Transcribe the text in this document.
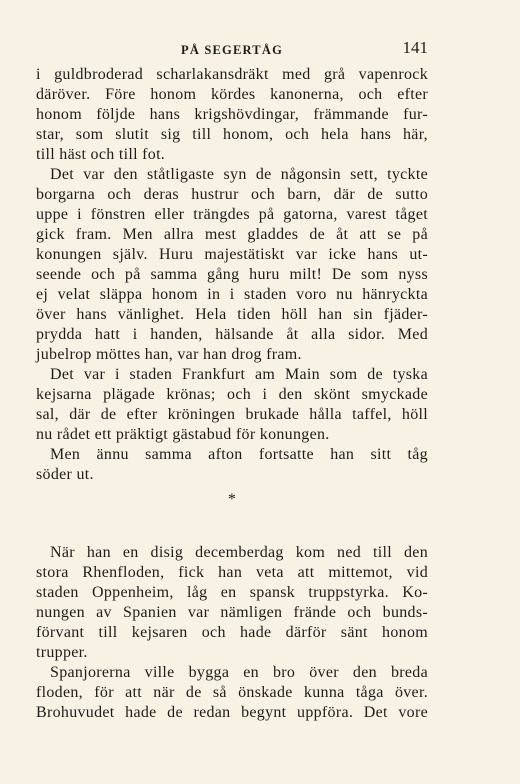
PÅ SEGERTÅG	141
i guldbroderad scharlakansdräkt med grå vapenrock
däröver. Före honom kördes kanonerna, och efter
honom följde hans krigshövdingar, främmande fur-
star, som slutit sig till honom, och hela hans här,
till häst och till fot.
Det var den ståtligaste syn de någonsin sett, tyckte
borgarna och deras hustrur och barn, där de sutto
uppe i fönstren eller trängdes på gatorna, varest tåget
gick fram. Men allra mest gladdes de åt att se på
konungen själv. Huru majestätiskt var icke hans ut-
seende och på samma gång huru milt! De som nyss
ej velat släppa honom in i staden voro nu hänryckta
över hans vänlighet. Hela tiden höll han sin fjäder-
prydda hatt i handen, hälsande åt alla sidor. Med
jubelrop möttes han, var han drog fram.
Det var i staden Frankfurt am Main som de tyska
kejsarna plägade krönas; och i den skönt smyckade
sal, där de efter kröningen brukade hålla taffel, höll
nu rådet ett präktigt gästabud för konungen.
Men ännu samma afton fortsatte han sitt tåg
söder ut.
*
När han en disig decemberdag kom ned till den
stora Rhenfloden, fick han veta att mittemot, vid
staden Oppenheim, låg en spansk truppstyrka. Ko-
nungen av Spanien var nämligen frände och bunds-
förvant till kejsaren och hade därför sänt honom
trupper.
Spanjorerna ville bygga en bro över den breda
floden, för att när de så önskade kunna tåga över.
Brohuvudet hade de redan begynt uppföra. Det vore
